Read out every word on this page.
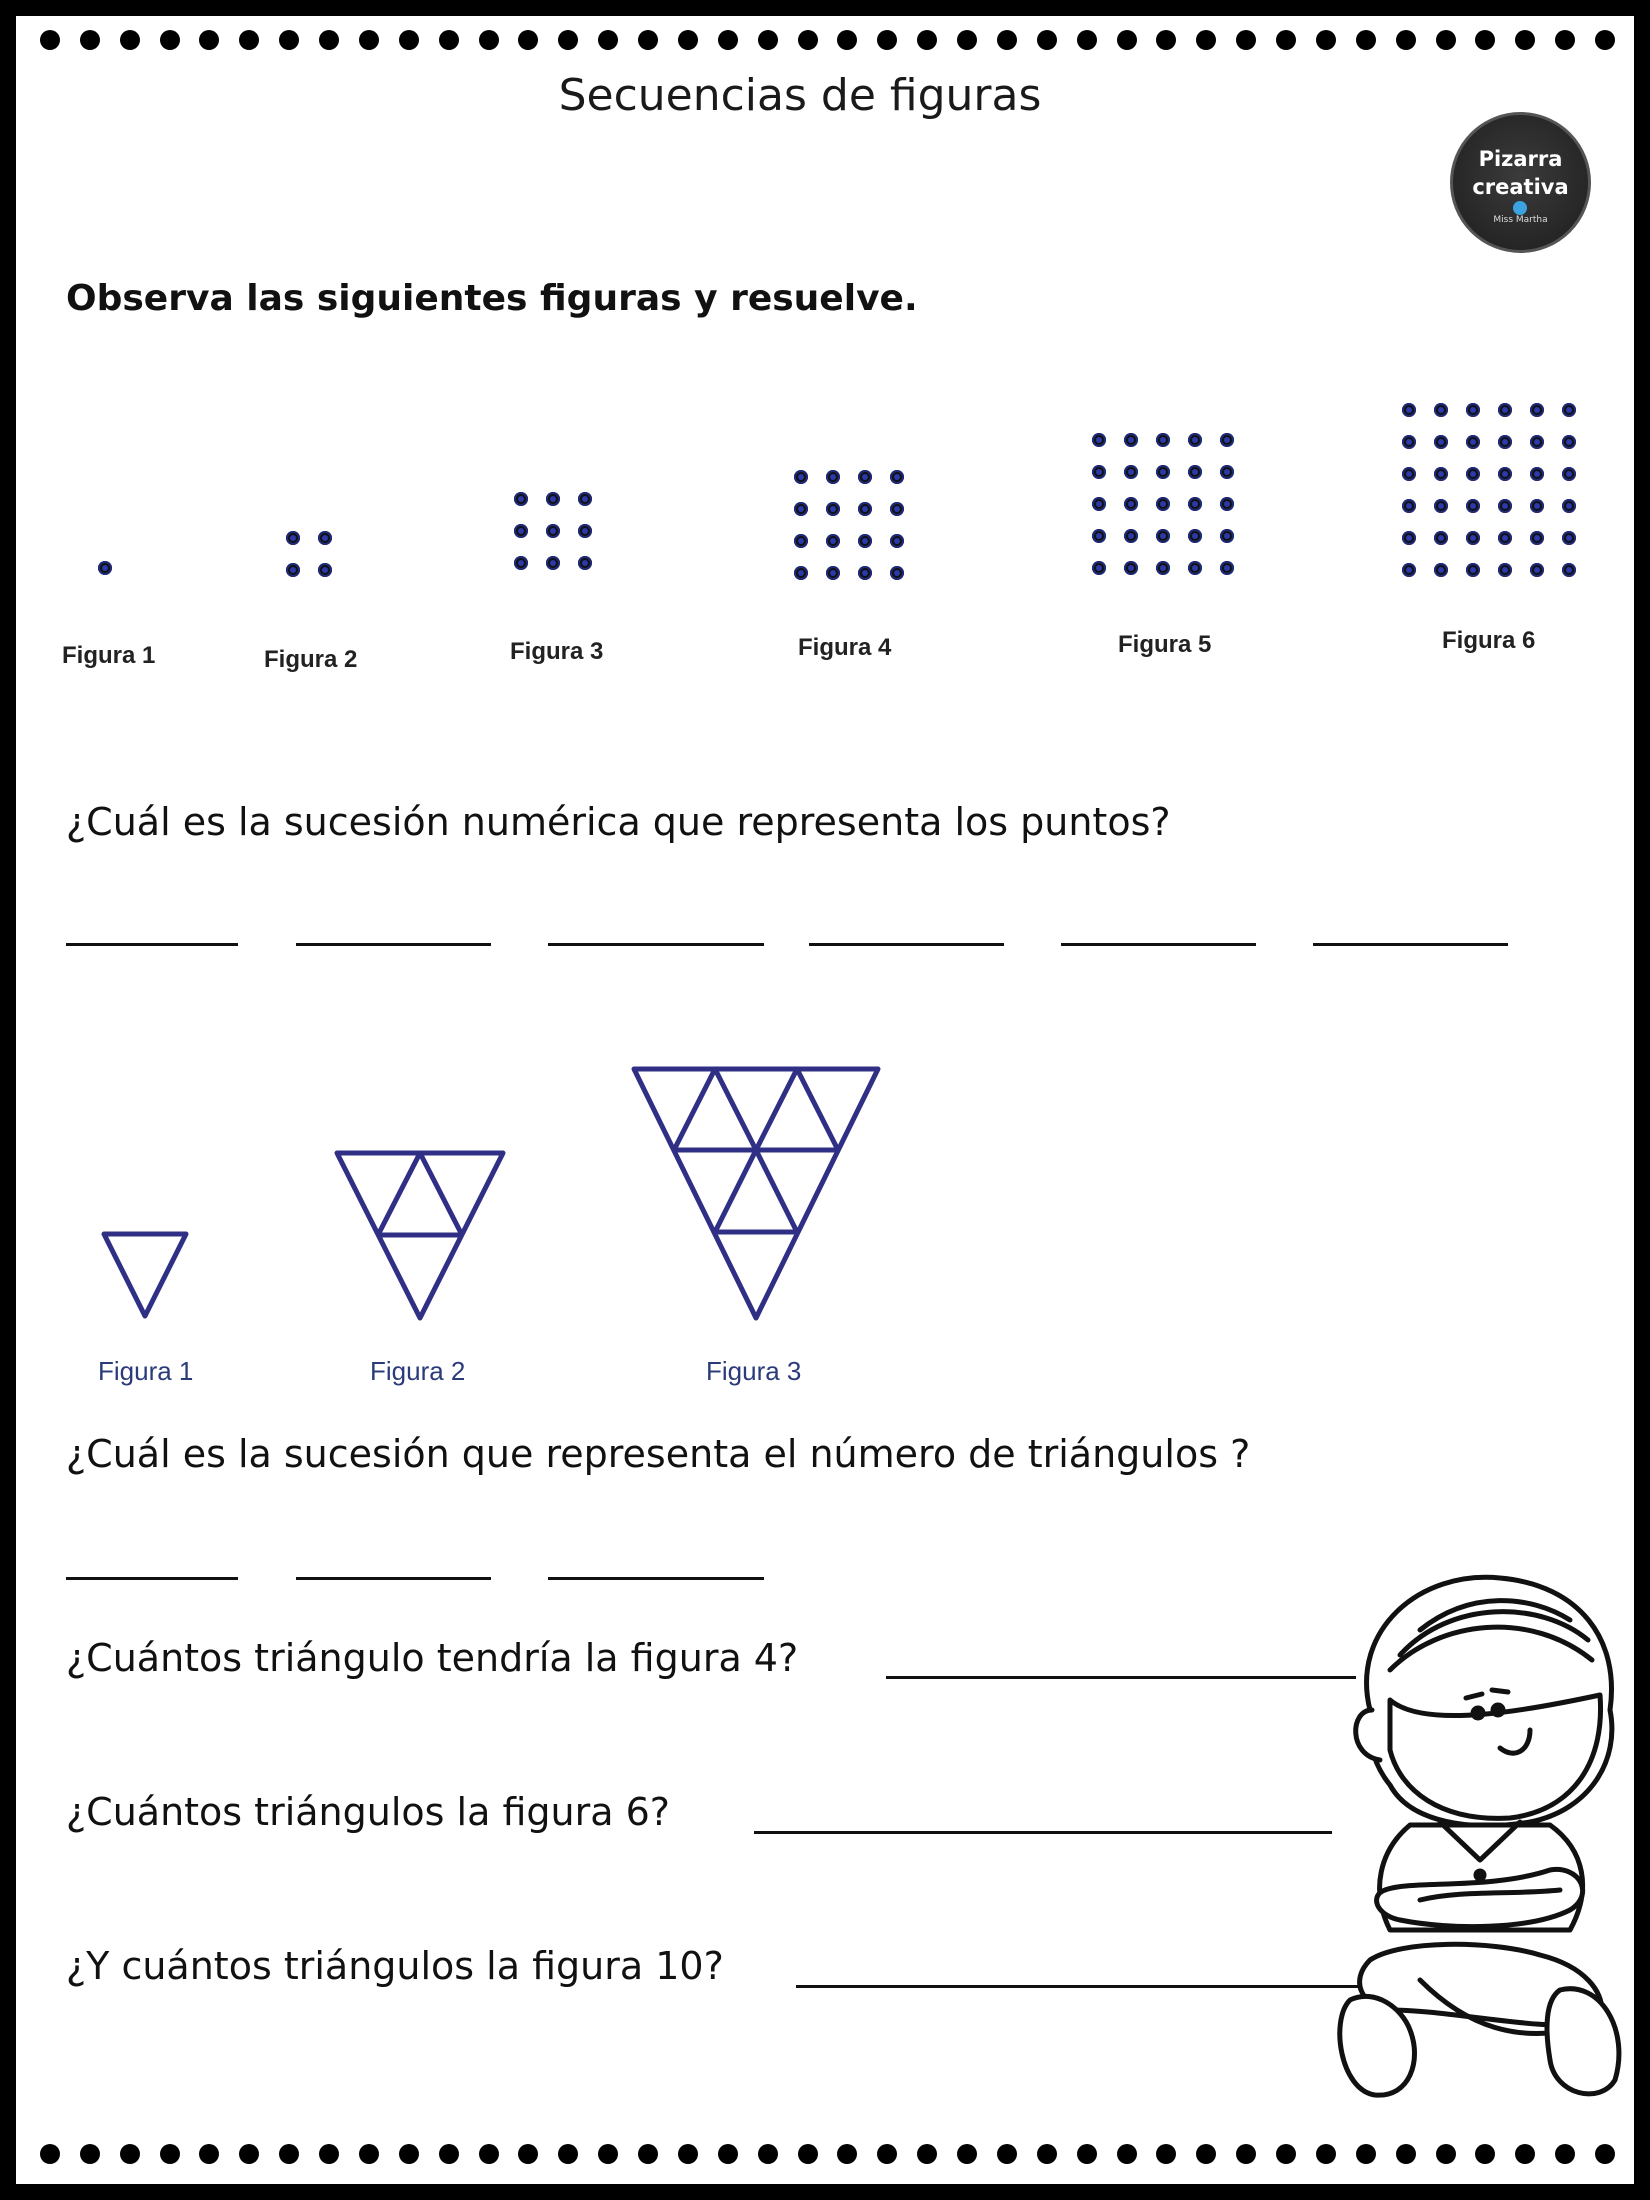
Secuencias de figuras
Pizarra
creativa
Miss Martha
Observa las siguientes figuras y resuelve.
Figura 1	Figura 2	Figura 3	Figura 4	Figura 5	Figura 6
¿Cuál es la sucesión numérica que representa los puntos?
Figura 1	Figura 2	Figura 3
¿Cuál es la sucesión que representa el número de triángulos ?
¿Cuántos triángulo tendría la figura 4?
¿Cuántos triángulos la figura 6?
¿Y cuántos triángulos la figura 10?
